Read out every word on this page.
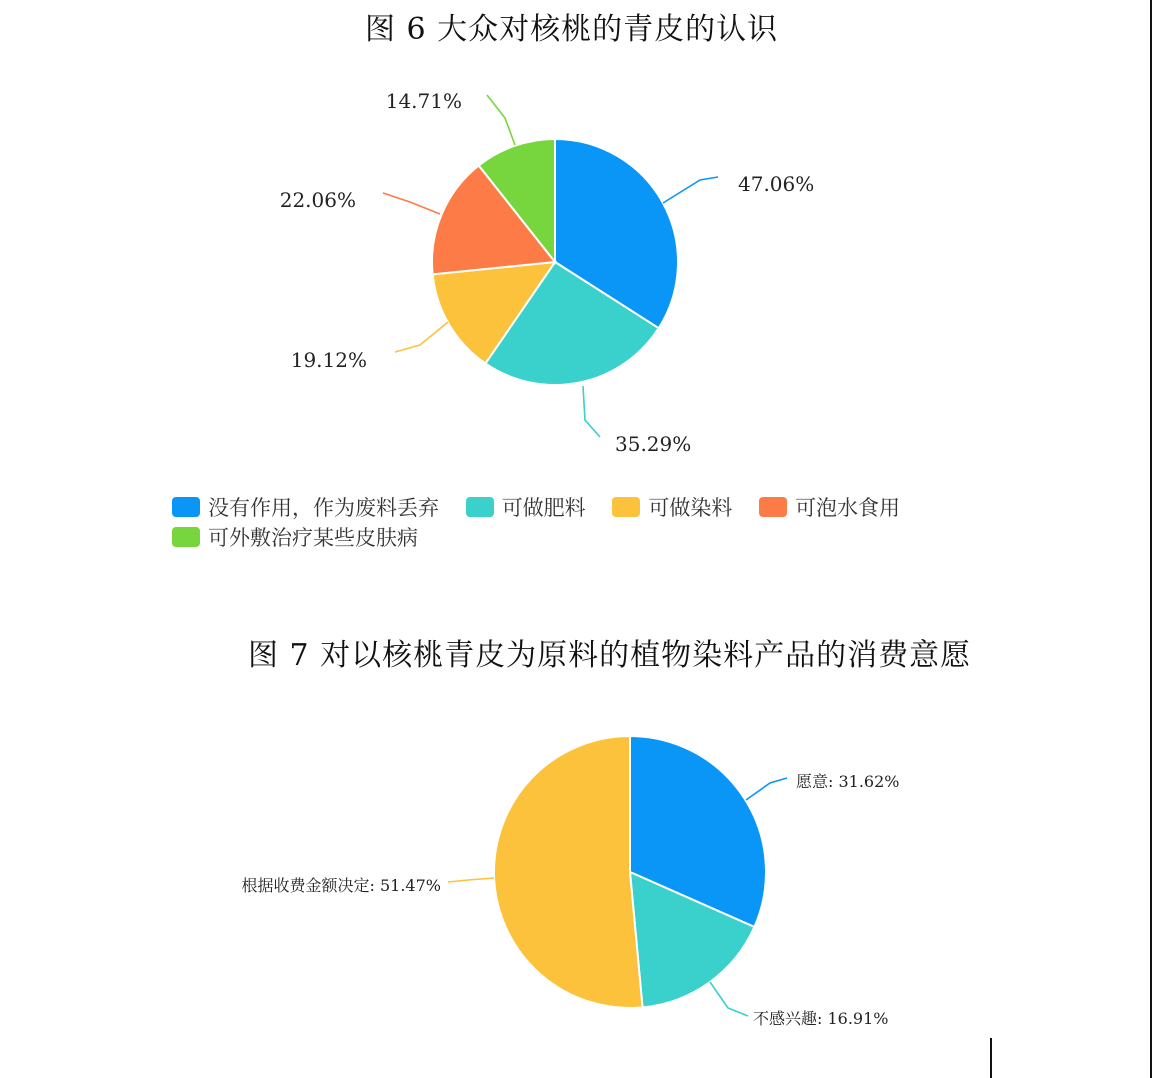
图 6 大众对核桃的青皮的认识
图 7 对以核桃青皮为原料的植物染料产品的消费意愿
47.06%
35.29%
19.12%
22.06%
14.71%
愿意: 31.62%
不感兴趣: 16.91%
根据收费金额决定: 51.47%
没有作用，作为废料丢弃
	可做肥料
	可做染料
	可泡水食用

可外敷治疗某些皮肤病
